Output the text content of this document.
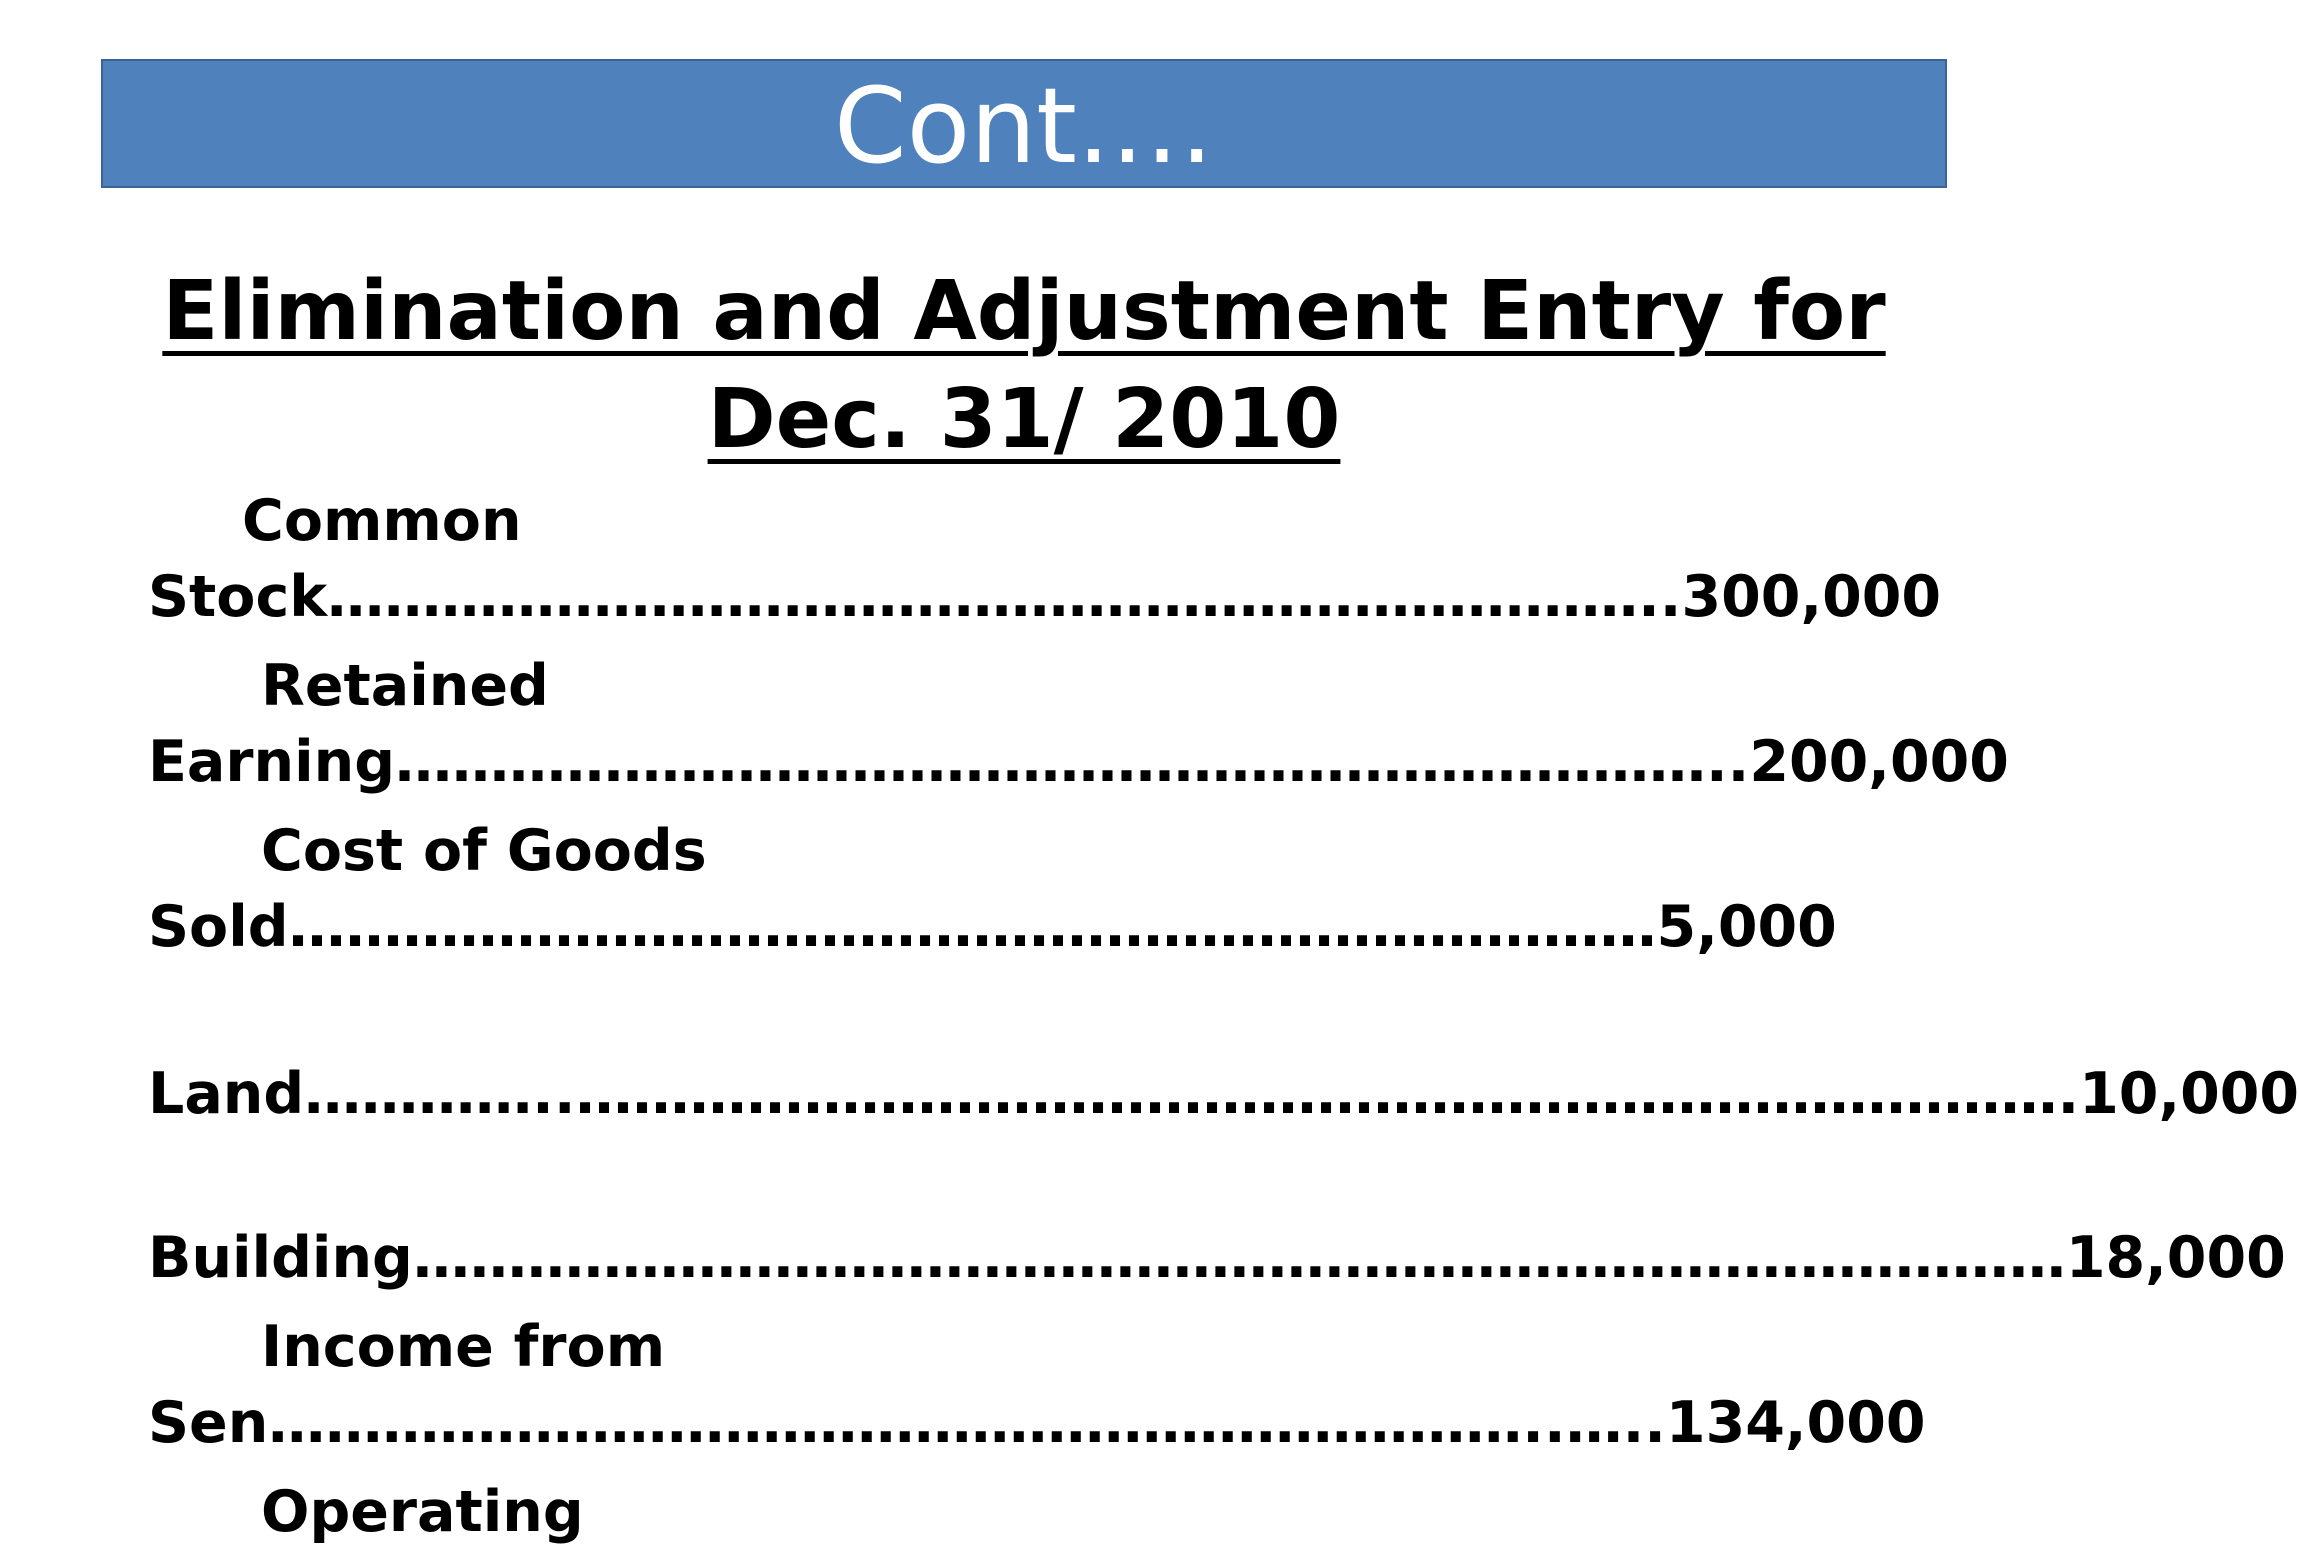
Cont.…
Elimination and Adjustment Entry for Dec. 31/ 2010

Common

Stock……………………………………………………………..300,000

Retained

Earning……………………………………………………………..200,000

Cost of Goods

Sold………………………………………………………………5,000

Land…………..…………………………………………………………………….10,000

Building……………………………………………………………………………18,000

Income from

Sen…………………………………………………………..…..134,000

Operating
